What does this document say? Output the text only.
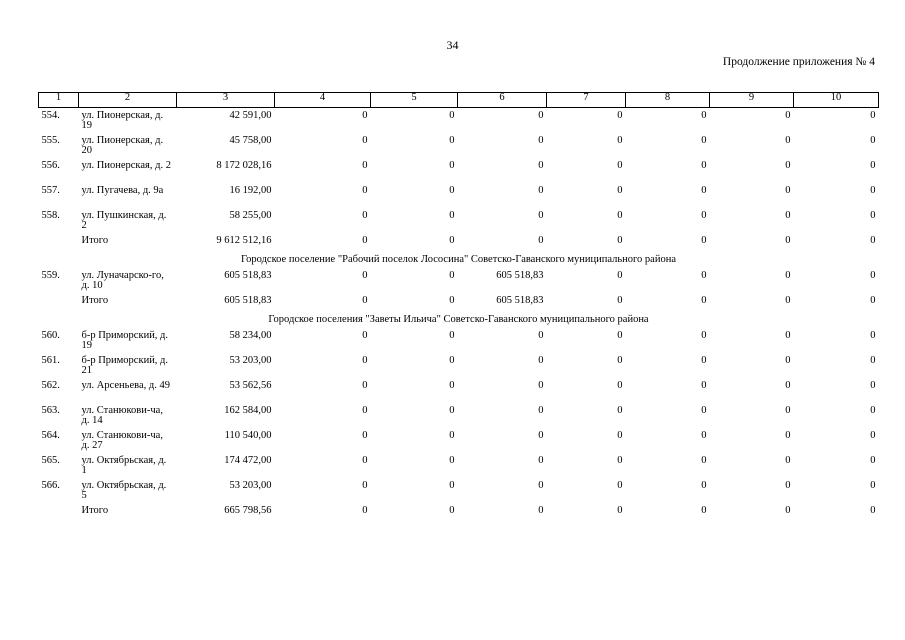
34
Продолжение приложения № 4
1	2	3	4	5	6	7	8	9	10
554.	ул. Пионерская, д. 19	42 591,00	0	0	0	0	0	0	0
555.	ул. Пионерская, д. 20	45 758,00	0	0	0	0	0	0	0
556.	ул. Пионерская, д. 2	8 172 028,16	0	0	0	0	0	0	0
557.	ул. Пугачева, д. 9а	16 192,00	0	0	0	0	0	0	0
558.	ул. Пушкинская, д. 2	58 255,00	0	0	0	0	0	0	0
	Итого	9 612 512,16	0	0	0	0	0	0	0
Городское поселение "Рабочий поселок Лососина" Советско-Гаванского муниципального района									
559.	ул. Луначарско-го, д. 10	605 518,83	0	0	605 518,83	0	0	0	0
	Итого	605 518,83	0	0	605 518,83	0	0	0	0
Городское поселения "Заветы Ильича" Советско-Гаванского муниципального района									
560.	б-р Приморский, д. 19	58 234,00	0	0	0	0	0	0	0
561.	б-р Приморский, д. 21	53 203,00	0	0	0	0	0	0	0
562.	ул. Арсеньева, д. 49	53 562,56	0	0	0	0	0	0	0
563.	ул. Станюкови-ча, д. 14	162 584,00	0	0	0	0	0	0	0
564.	ул. Станюкови-ча, д. 27	110 540,00	0	0	0	0	0	0	0
565.	ул. Октябрьская, д. 1	174 472,00	0	0	0	0	0	0	0
566.	ул. Октябрьская, д. 5	53 203,00	0	0	0	0	0	0	0
	Итого	665 798,56	0	0	0	0	0	0	0
